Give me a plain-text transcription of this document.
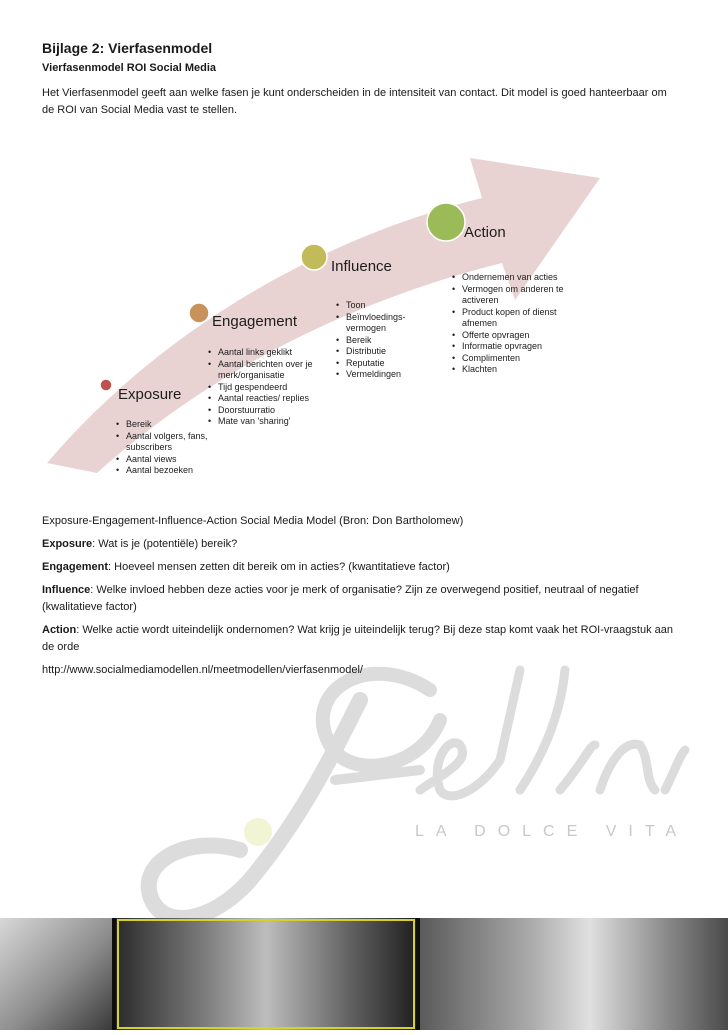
LA DOLCE VITA
Bijlage 2: Vierfasenmodel
Vierfasenmodel ROI Social Media
Het Vierfasenmodel geeft aan welke fasen je kunt onderscheiden in de intensiteit van contact. Dit model is goed hanteerbaar om de ROI van Social Media vast te stellen.
Exposure
• Bereik
• Aantal volgers, fans, subscribers
• Aantal views
• Aantal bezoeken
Engagement
• Aantal links geklikt
• Aantal berichten over je merk/organisatie
• Tijd gespendeerd
• Aantal reacties/ replies
• Doorstuurratio
• Mate van 'sharing'
Influence
• Toon
• Beïnvloedings- vermogen
• Bereik
• Distributie
• Reputatie
• Vermeldingen
Action
• Ondernemen van acties
• Vermogen om anderen te activeren
• Product kopen of dienst afnemen
• Offerte opvragen
• Informatie opvragen
• Complimenten
• Klachten
Exposure-Engagement-Influence-Action Social Media Model (Bron: Don Bartholomew)
Exposure: Wat is je (potentiële) bereik?
Engagement: Hoeveel mensen zetten dit bereik om in acties? (kwantitatieve factor)
Influence: Welke invloed hebben deze acties voor je merk of organisatie? Zijn ze overwegend positief, neutraal of negatief (kwalitatieve factor)
Action: Welke actie wordt uiteindelijk ondernomen? Wat krijg je uiteindelijk terug? Bij deze stap komt vaak het ROI-vraagstuk aan de orde
http://www.socialmediamodellen.nl/meetmodellen/vierfasenmodel/
